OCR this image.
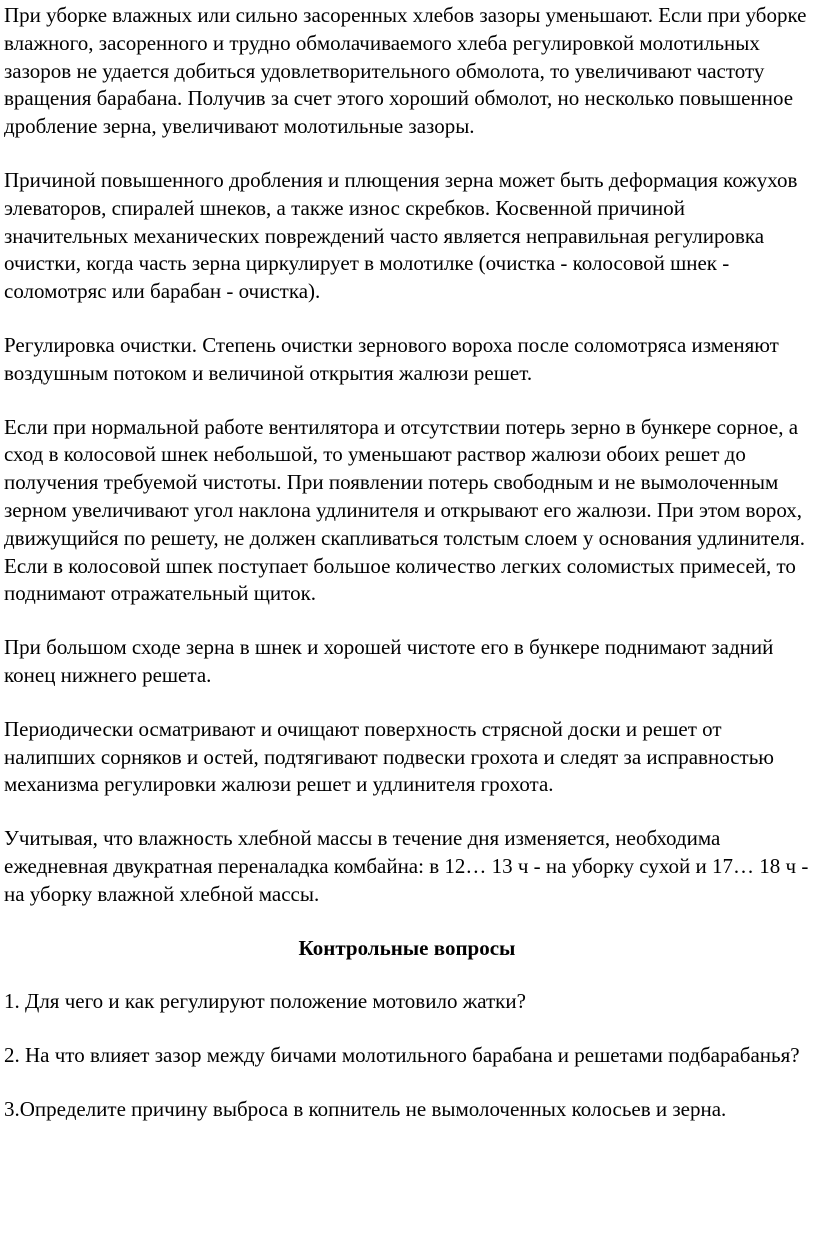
При уборке влажных или сильно засоренных хлебов зазоры уменьшают. Если при уборке влажного, засоренного и трудно обмолачиваемого хлеба регулировкой молотильных зазоров не удается добиться удовлетворительного обмолота, то увеличивают частоту вращения барабана. Получив за счет этого хороший обмолот, но несколько повышенное дробление зерна, увеличивают молотильные зазоры.

Причиной повышенного дробления и плющения зерна может быть деформация кожухов элеваторов, спиралей шнеков, а также износ скребков. Косвенной причиной значительных механических повреждений часто является неправильная регулировка очистки, когда часть зерна циркулирует в молотилке (очистка - колосовой шнек - соломотряс или барабан - очистка).

Регулировка очистки. Степень очистки зернового вороха после соломотряса изменяют воздушным потоком и величиной открытия жалюзи решет.

Если при нормальной работе вентилятора и отсутствии потерь зерно в бункере сорное, а сход в колосовой шнек небольшой, то уменьшают раствор жалюзи обоих решет до получения требуемой чистоты. При появлении потерь свободным и не вымолоченным зерном увеличивают угол наклона удлинителя и открывают его жалюзи. При этом ворох, движущийся по решету, не должен скапливаться толстым слоем у основания удлинителя. Если в колосовой шпек поступает большое количество легких соломистых примесей, то поднимают отражательный щиток.

При большом сходе зерна в шнек и хорошей чистоте его в бункере поднимают задний конец нижнего решета.

Периодически осматривают и очищают поверхность стрясной доски и решет от налипших сорняков и остей, подтягивают подвески грохота и следят за исправностью механизма регулировки жалюзи решет и удлинителя грохота.

Учитывая, что влажность хлебной массы в течение дня изменяется, необходима ежедневная двукратная переналадка комбайна: в 12… 13 ч - на уборку сухой и 17… 18 ч - на уборку влажной хлебной массы.

Контрольные вопросы

1. Для чего и как регулируют положение мотовило жатки?

2. На что влияет зазор между бичами молотильного барабана и решетами подбарабанья?

3.Определите причину выброса в копнитель не вымолоченных колосьев и зерна.
